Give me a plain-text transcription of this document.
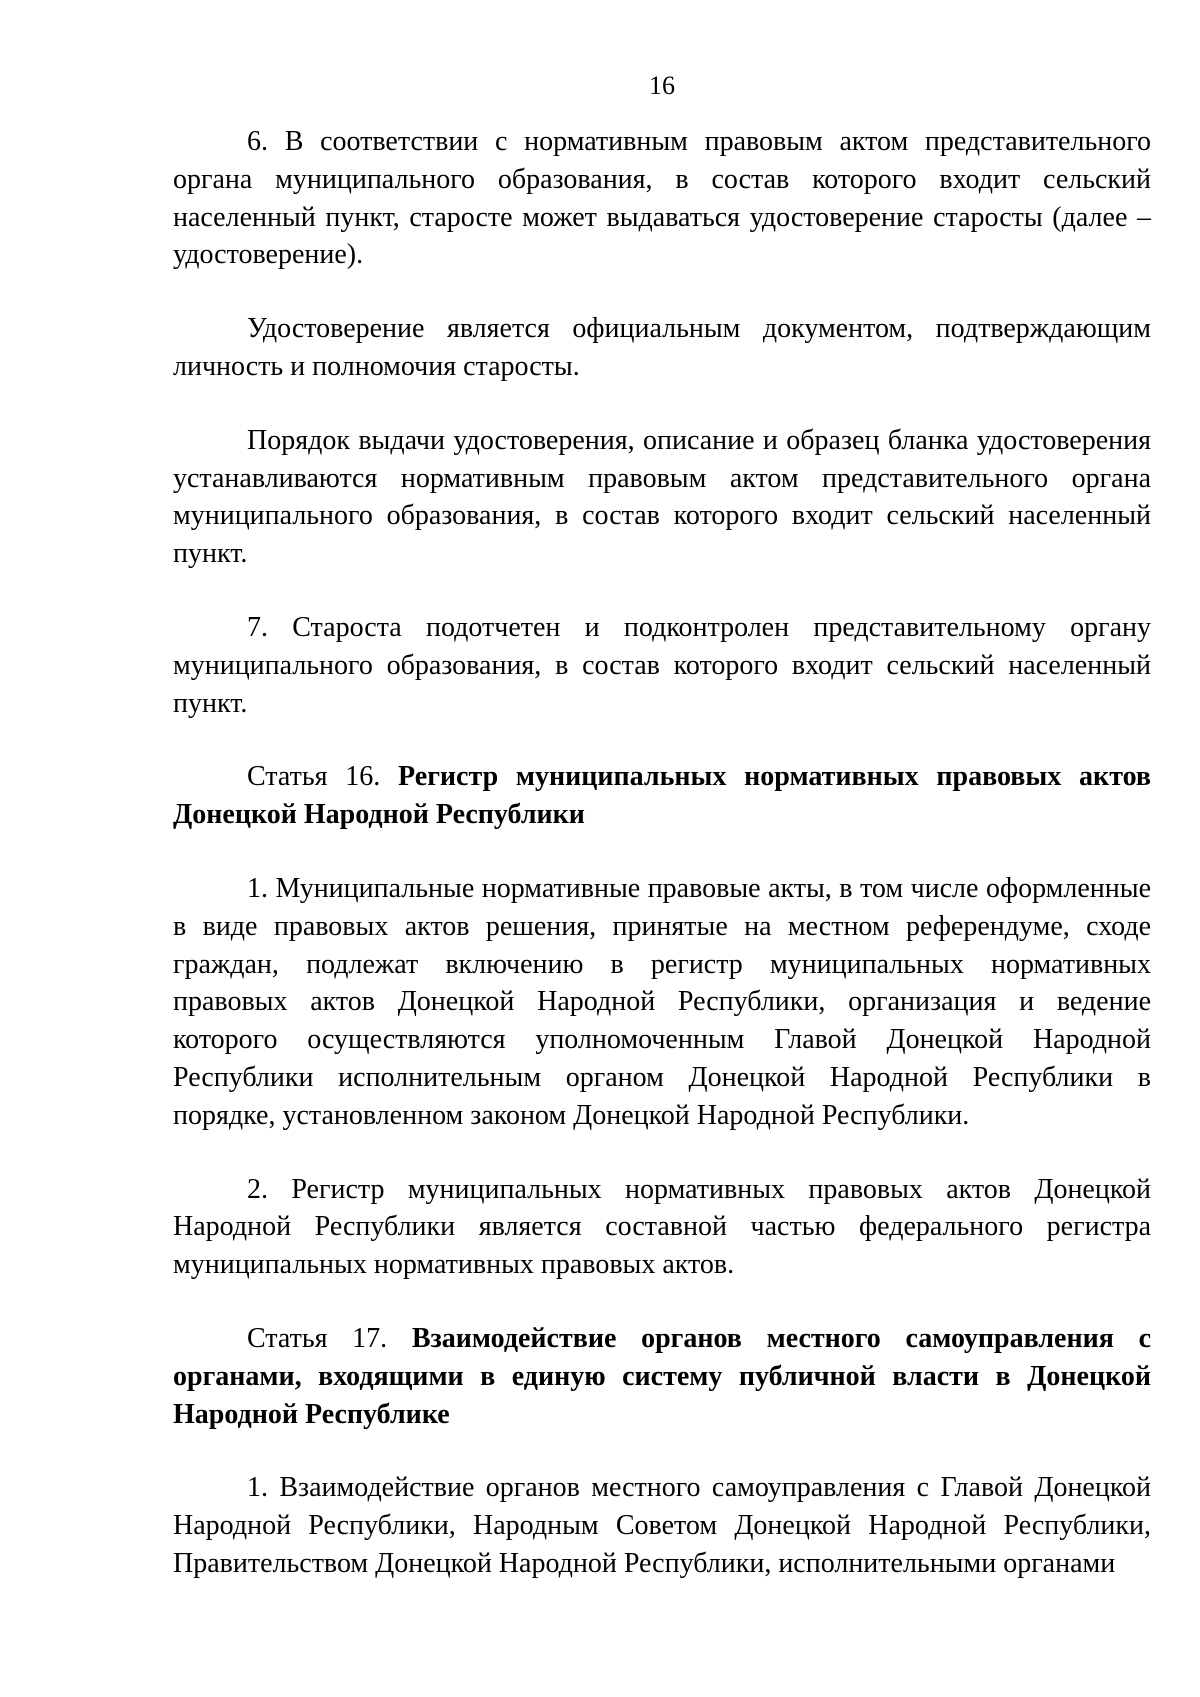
16

6. В соответствии с нормативным правовым актом представительного органа муниципального образования, в состав которого входит сельский населенный пункт, старосте может выдаваться удостоверение старосты (далее – удостоверение).

Удостоверение является официальным документом, подтверждающим личность и полномочия старосты.

Порядок выдачи удостоверения, описание и образец бланка удостоверения устанавливаются нормативным правовым актом представительного органа муниципального образования, в состав которого входит сельский населенный пункт.

7. Староста подотчетен и подконтролен представительному органу муниципального образования, в состав которого входит сельский населенный пункт.

Статья 16. Регистр муниципальных нормативных правовых актов Донецкой Народной Республики

1. Муниципальные нормативные правовые акты, в том числе оформленные в виде правовых актов решения, принятые на местном референдуме, сходе граждан, подлежат включению в регистр муниципальных нормативных правовых актов Донецкой Народной Республики, организация и ведение которого осуществляются уполномоченным Главой Донецкой Народной Республики исполнительным органом Донецкой Народной Республики в порядке, установленном законом Донецкой Народной Республики.

2. Регистр муниципальных нормативных правовых актов Донецкой Народной Республики является составной частью федерального регистра муниципальных нормативных правовых актов.

Статья 17. Взаимодействие органов местного самоуправления с органами, входящими в единую систему публичной власти в Донецкой Народной Республике

1. Взаимодействие органов местного самоуправления с Главой Донецкой Народной Республики, Народным Советом Донецкой Народной Республики, Правительством Донецкой Народной Республики, исполнительными органами
